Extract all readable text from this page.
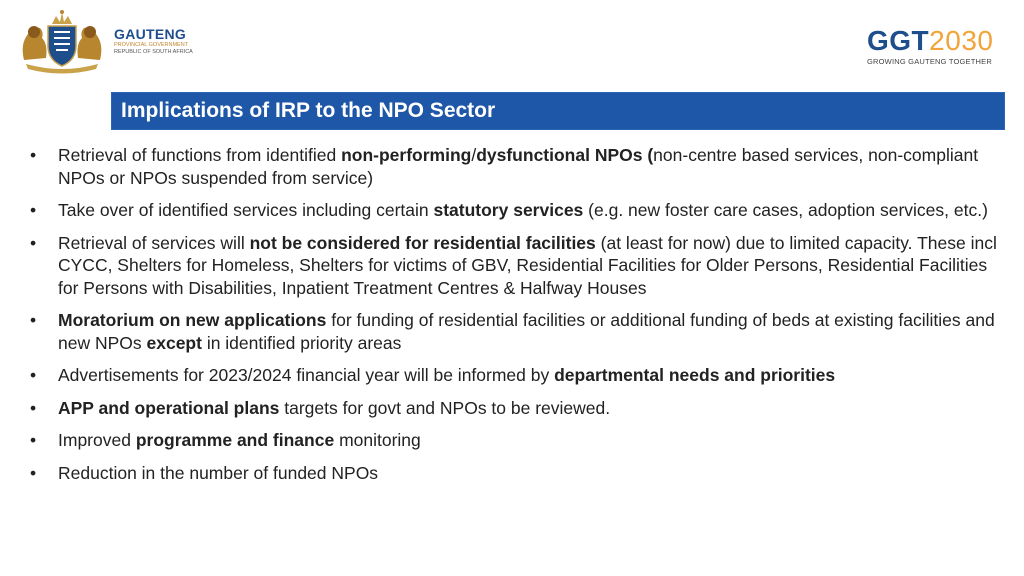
GAUTENG
PROVINCIAL GOVERNMENT
REPUBLIC OF SOUTH AFRICA	GGT2030
GROWING GAUTENG TOGETHER
Implications of IRP to the NPO Sector
• Retrieval of functions from identified non-performing/dysfunctional NPOs (non-centre based services, non-compliant NPOs or NPOs suspended from service)
• Take over of identified services including certain statutory services (e.g. new foster care cases, adoption services, etc.)
• Retrieval of services will not be considered for residential facilities (at least for now) due to limited capacity. These incl CYCC, Shelters for Homeless, Shelters for victims of GBV, Residential Facilities for Older Persons, Residential Facilities for Persons with Disabilities, Inpatient Treatment Centres & Halfway Houses
• Moratorium on new applications for funding of residential facilities or additional funding of beds at existing facilities and new NPOs except in identified priority areas
• Advertisements for 2023/2024 financial year will be informed by departmental needs and priorities
• APP and operational plans targets for govt and NPOs to be reviewed.
• Improved programme and finance monitoring
• Reduction in the number of funded NPOs
